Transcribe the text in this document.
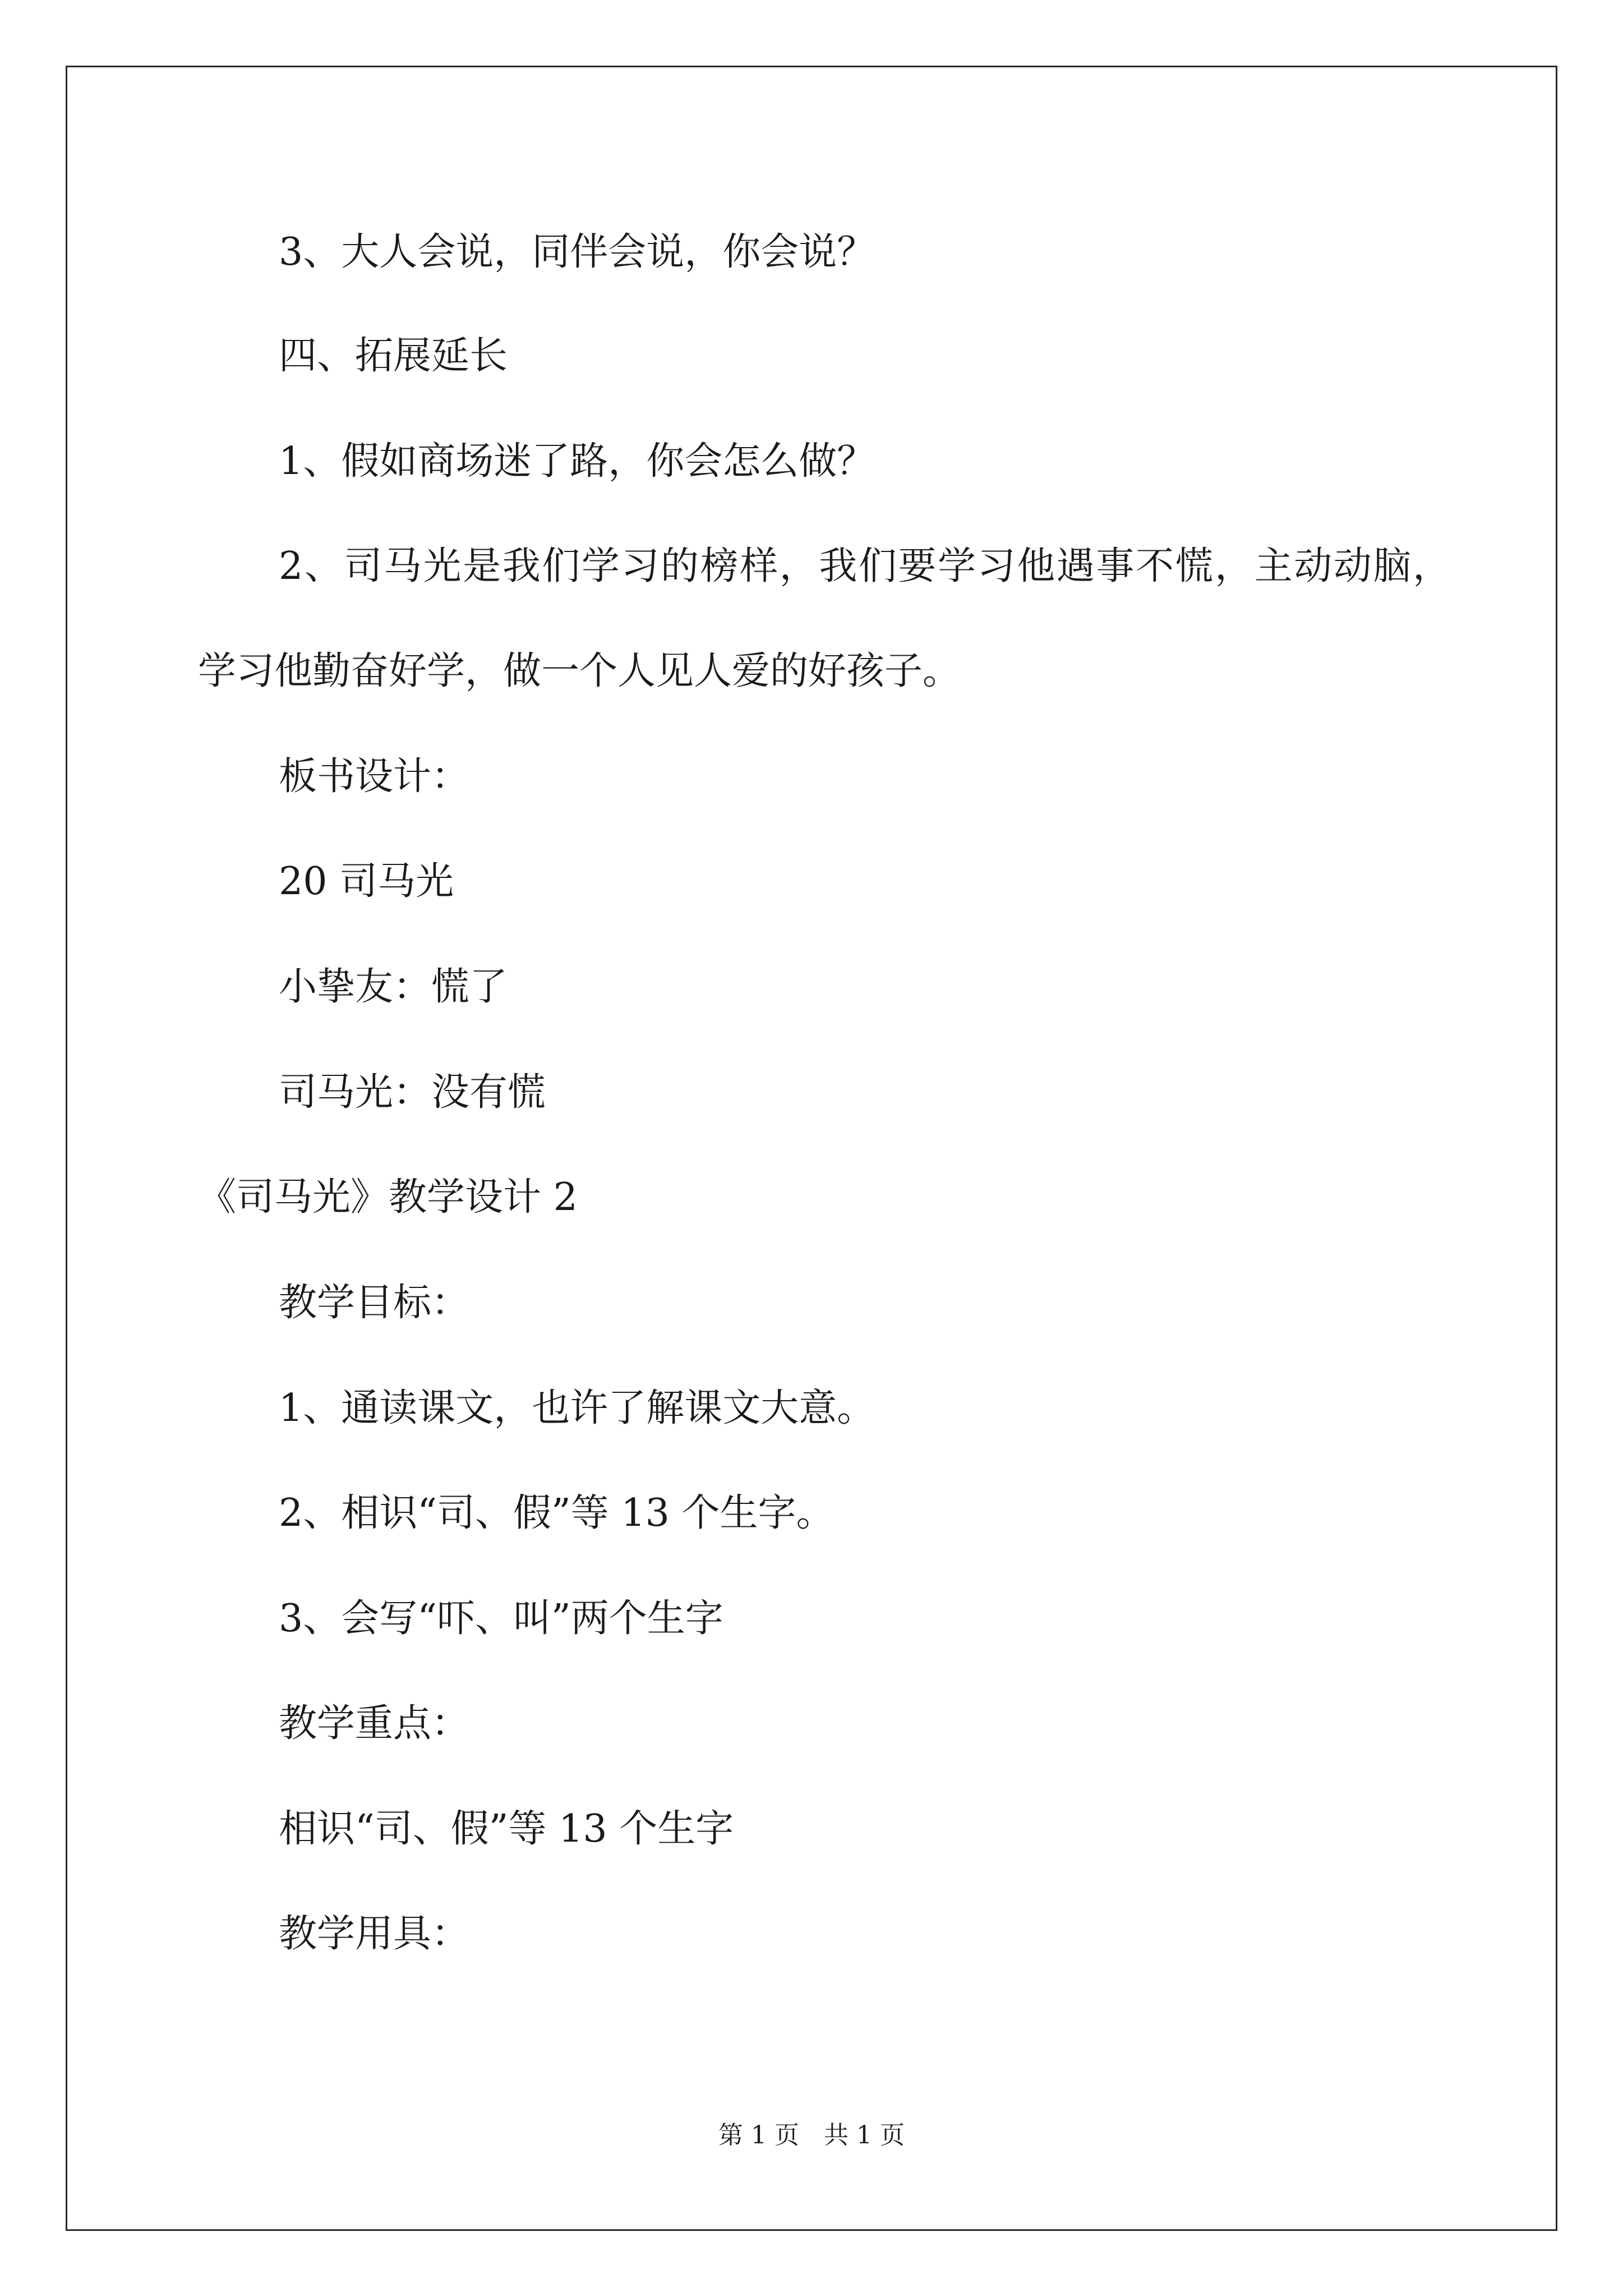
3、大人会说，同伴会说，你会说？
四、拓展延长
1、假如商场迷了路，你会怎么做？
2、司马光是我们学习的榜样，我们要学习他遇事不慌，主动动脑，
学习他勤奋好学，做一个人见人爱的好孩子。
板书设计：
20 司马光
小挚友：慌了
司马光：没有慌
《司马光》教学设计 2
教学目标：
1、通读课文，也许了解课文大意。
2、相识“司、假”等 13 个生字。
3、会写“吓、叫”两个生字
教学重点：
相识“司、假”等 13 个生字
教学用具：
第 1 页　共 1 页
